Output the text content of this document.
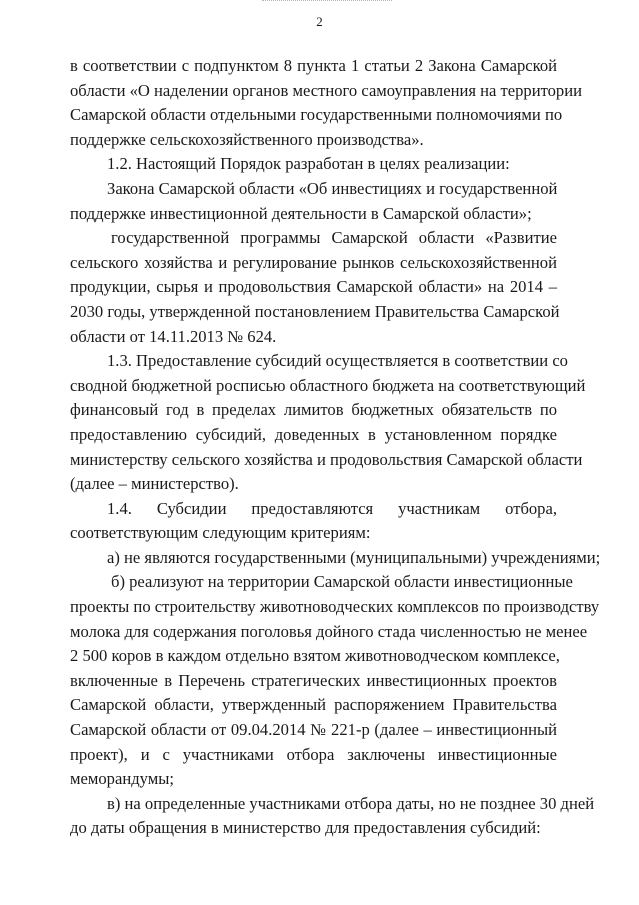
2
в соответствии с подпунктом 8 пункта 1 статьи 2 Закона Самарской
области «О наделении органов местного самоуправления на территории
Самарской области отдельными государственными полномочиями по
поддержке сельскохозяйственного производства».
1.2. Настоящий Порядок разработан в целях реализации:
Закона Самарской области «Об инвестициях и государственной
поддержке инвестиционной деятельности в Самарской области»;
государственной программы Самарской области «Развитие
сельского хозяйства и регулирование рынков сельскохозяйственной
продукции, сырья и продовольствия Самарской области» на 2014 –
2030 годы, утвержденной постановлением Правительства Самарской
области от 14.11.2013 № 624.
1.3. Предоставление субсидий осуществляется в соответствии со
сводной бюджетной росписью областного бюджета на соответствующий
финансовый год в пределах лимитов бюджетных обязательств по
предоставлению субсидий, доведенных в установленном порядке
министерству сельского хозяйства и продовольствия Самарской области
(далее – министерство).
1.4. Субсидии предоставляются участникам отбора,
соответствующим следующим критериям:
а) не являются государственными (муниципальными) учреждениями;
б) реализуют на территории Самарской области инвестиционные
проекты по строительству животноводческих комплексов по производству
молока для содержания поголовья дойного стада численностью не менее
2 500 коров в каждом отдельно взятом животноводческом комплексе,
включенные в Перечень стратегических инвестиционных проектов
Самарской области, утвержденный распоряжением Правительства
Самарской области от 09.04.2014 № 221-р (далее – инвестиционный
проект), и с участниками отбора заключены инвестиционные
меморандумы;
в) на определенные участниками отбора даты, но не позднее 30 дней
до даты обращения в министерство для предоставления субсидий:
